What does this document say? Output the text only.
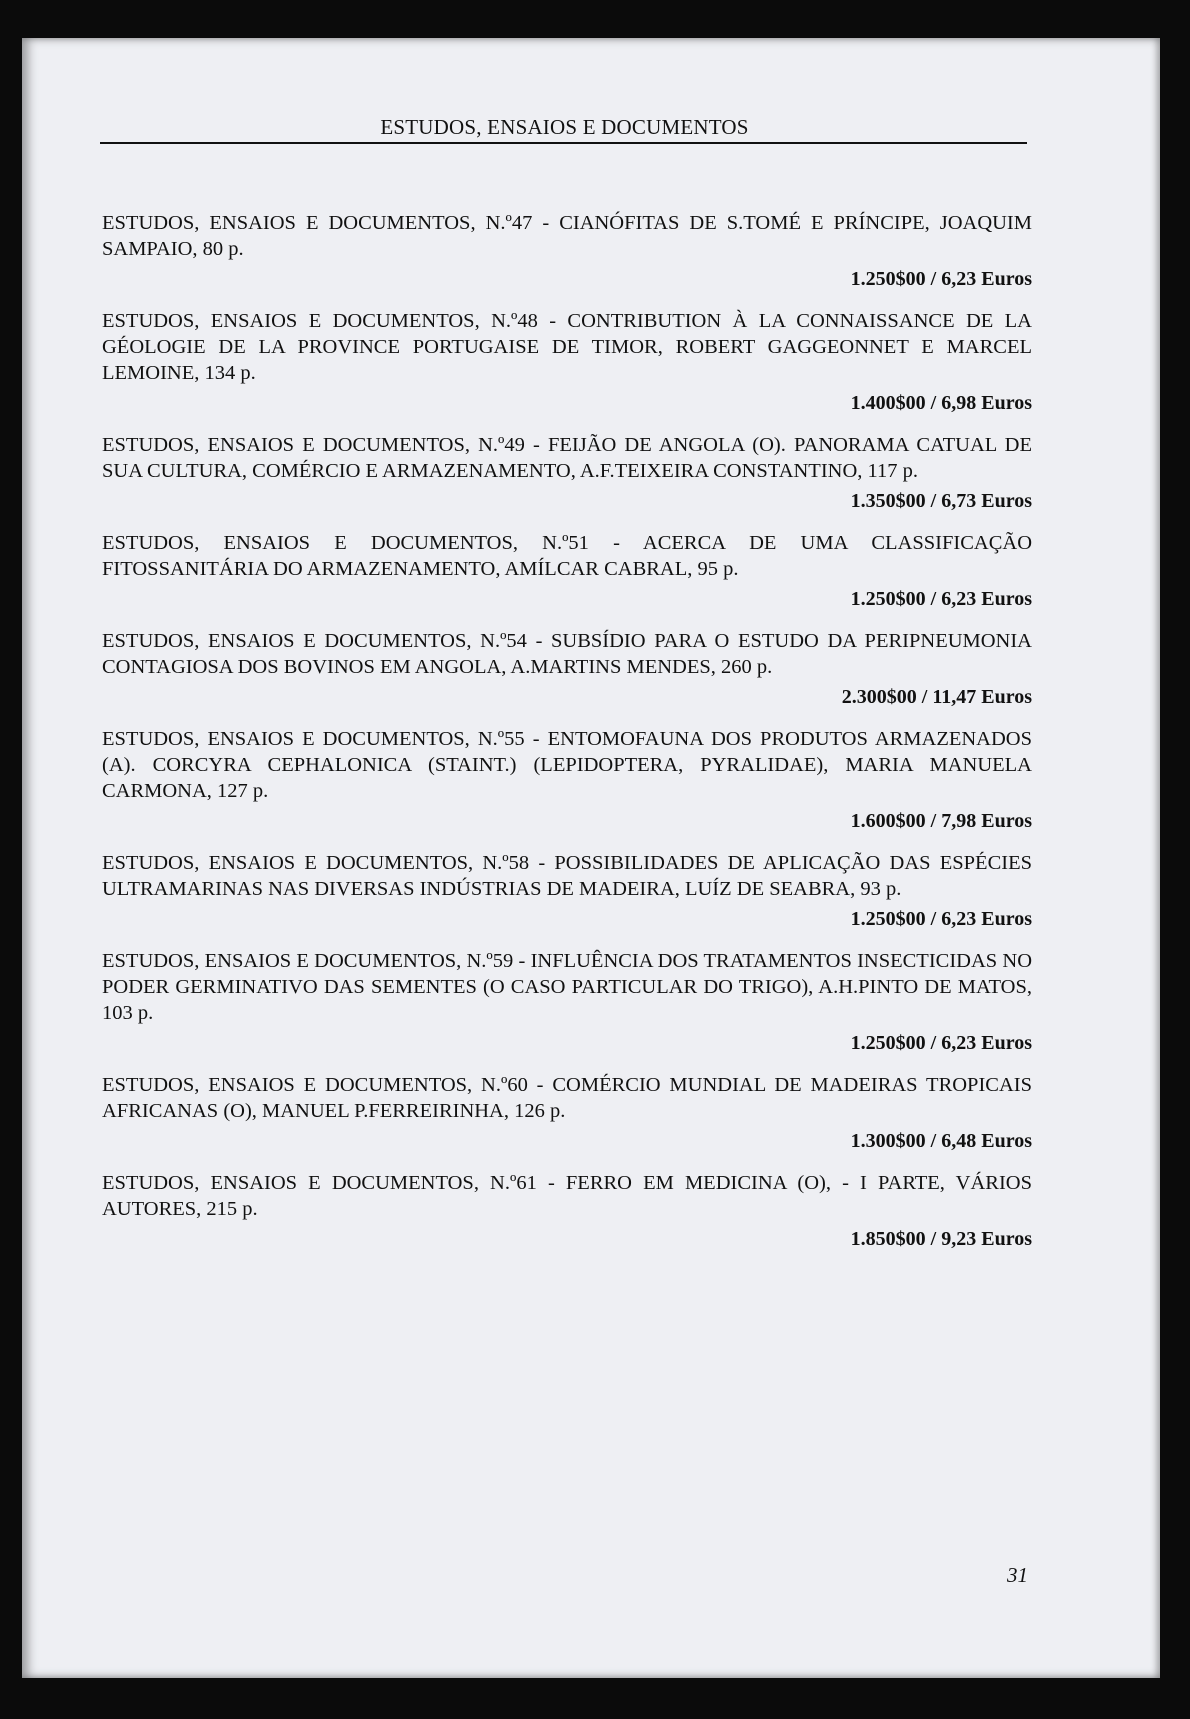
ESTUDOS, ENSAIOS E DOCUMENTOS

ESTUDOS, ENSAIOS E DOCUMENTOS, N.º47 - CIANÓFITAS DE S.TOMÉ E PRÍNCIPE, JOAQUIM SAMPAIO, 80 p.

1.250$00 / 6,23 Euros

ESTUDOS, ENSAIOS E DOCUMENTOS, N.º48 - CONTRIBUTION À LA CONNAISSANCE DE LA GÉOLOGIE DE LA PROVINCE PORTUGAISE DE TIMOR, ROBERT GAGGEONNET E MARCEL LEMOINE, 134 p.

1.400$00 / 6,98 Euros

ESTUDOS, ENSAIOS E DOCUMENTOS, N.º49 - FEIJÃO DE ANGOLA (O). PANORAMA CATUAL DE SUA CULTURA, COMÉRCIO E ARMAZENAMENTO, A.F.TEIXEIRA CONSTANTINO, 117 p.

1.350$00 / 6,73 Euros

ESTUDOS, ENSAIOS E DOCUMENTOS, N.º51 - ACERCA DE UMA CLASSIFICAÇÃO FITOSSANITÁRIA DO ARMAZENAMENTO, AMÍLCAR CABRAL, 95 p.

1.250$00 / 6,23 Euros

ESTUDOS, ENSAIOS E DOCUMENTOS, N.º54 - SUBSÍDIO PARA O ESTUDO DA PERIPNEUMONIA CONTAGIOSA DOS BOVINOS EM ANGOLA, A.MARTINS MENDES, 260 p.

2.300$00 / 11,47 Euros

ESTUDOS, ENSAIOS E DOCUMENTOS, N.º55 - ENTOMOFAUNA DOS PRODUTOS ARMAZENADOS (A). CORCYRA CEPHALONICA (STAINT.) (LEPIDOPTERA, PYRALIDAE), MARIA MANUELA CARMONA, 127 p.

1.600$00 / 7,98 Euros

ESTUDOS, ENSAIOS E DOCUMENTOS, N.º58 - POSSIBILIDADES DE APLICAÇÃO DAS ESPÉCIES ULTRAMARINAS NAS DIVERSAS INDÚSTRIAS DE MADEIRA, LUÍZ DE SEABRA, 93 p.

1.250$00 / 6,23 Euros

ESTUDOS, ENSAIOS E DOCUMENTOS, N.º59 - INFLUÊNCIA DOS TRATAMENTOS INSECTICIDAS NO PODER GERMINATIVO DAS SEMENTES (O CASO PARTICULAR DO TRIGO), A.H.PINTO DE MATOS, 103 p.

1.250$00 / 6,23 Euros

ESTUDOS, ENSAIOS E DOCUMENTOS, N.º60 - COMÉRCIO MUNDIAL DE MADEIRAS TROPICAIS AFRICANAS (O), MANUEL P.FERREIRINHA, 126 p.

1.300$00 / 6,48 Euros

ESTUDOS, ENSAIOS E DOCUMENTOS, N.º61 - FERRO EM MEDICINA (O), - I PARTE, VÁRIOS AUTORES, 215 p.

1.850$00 / 9,23 Euros
31
